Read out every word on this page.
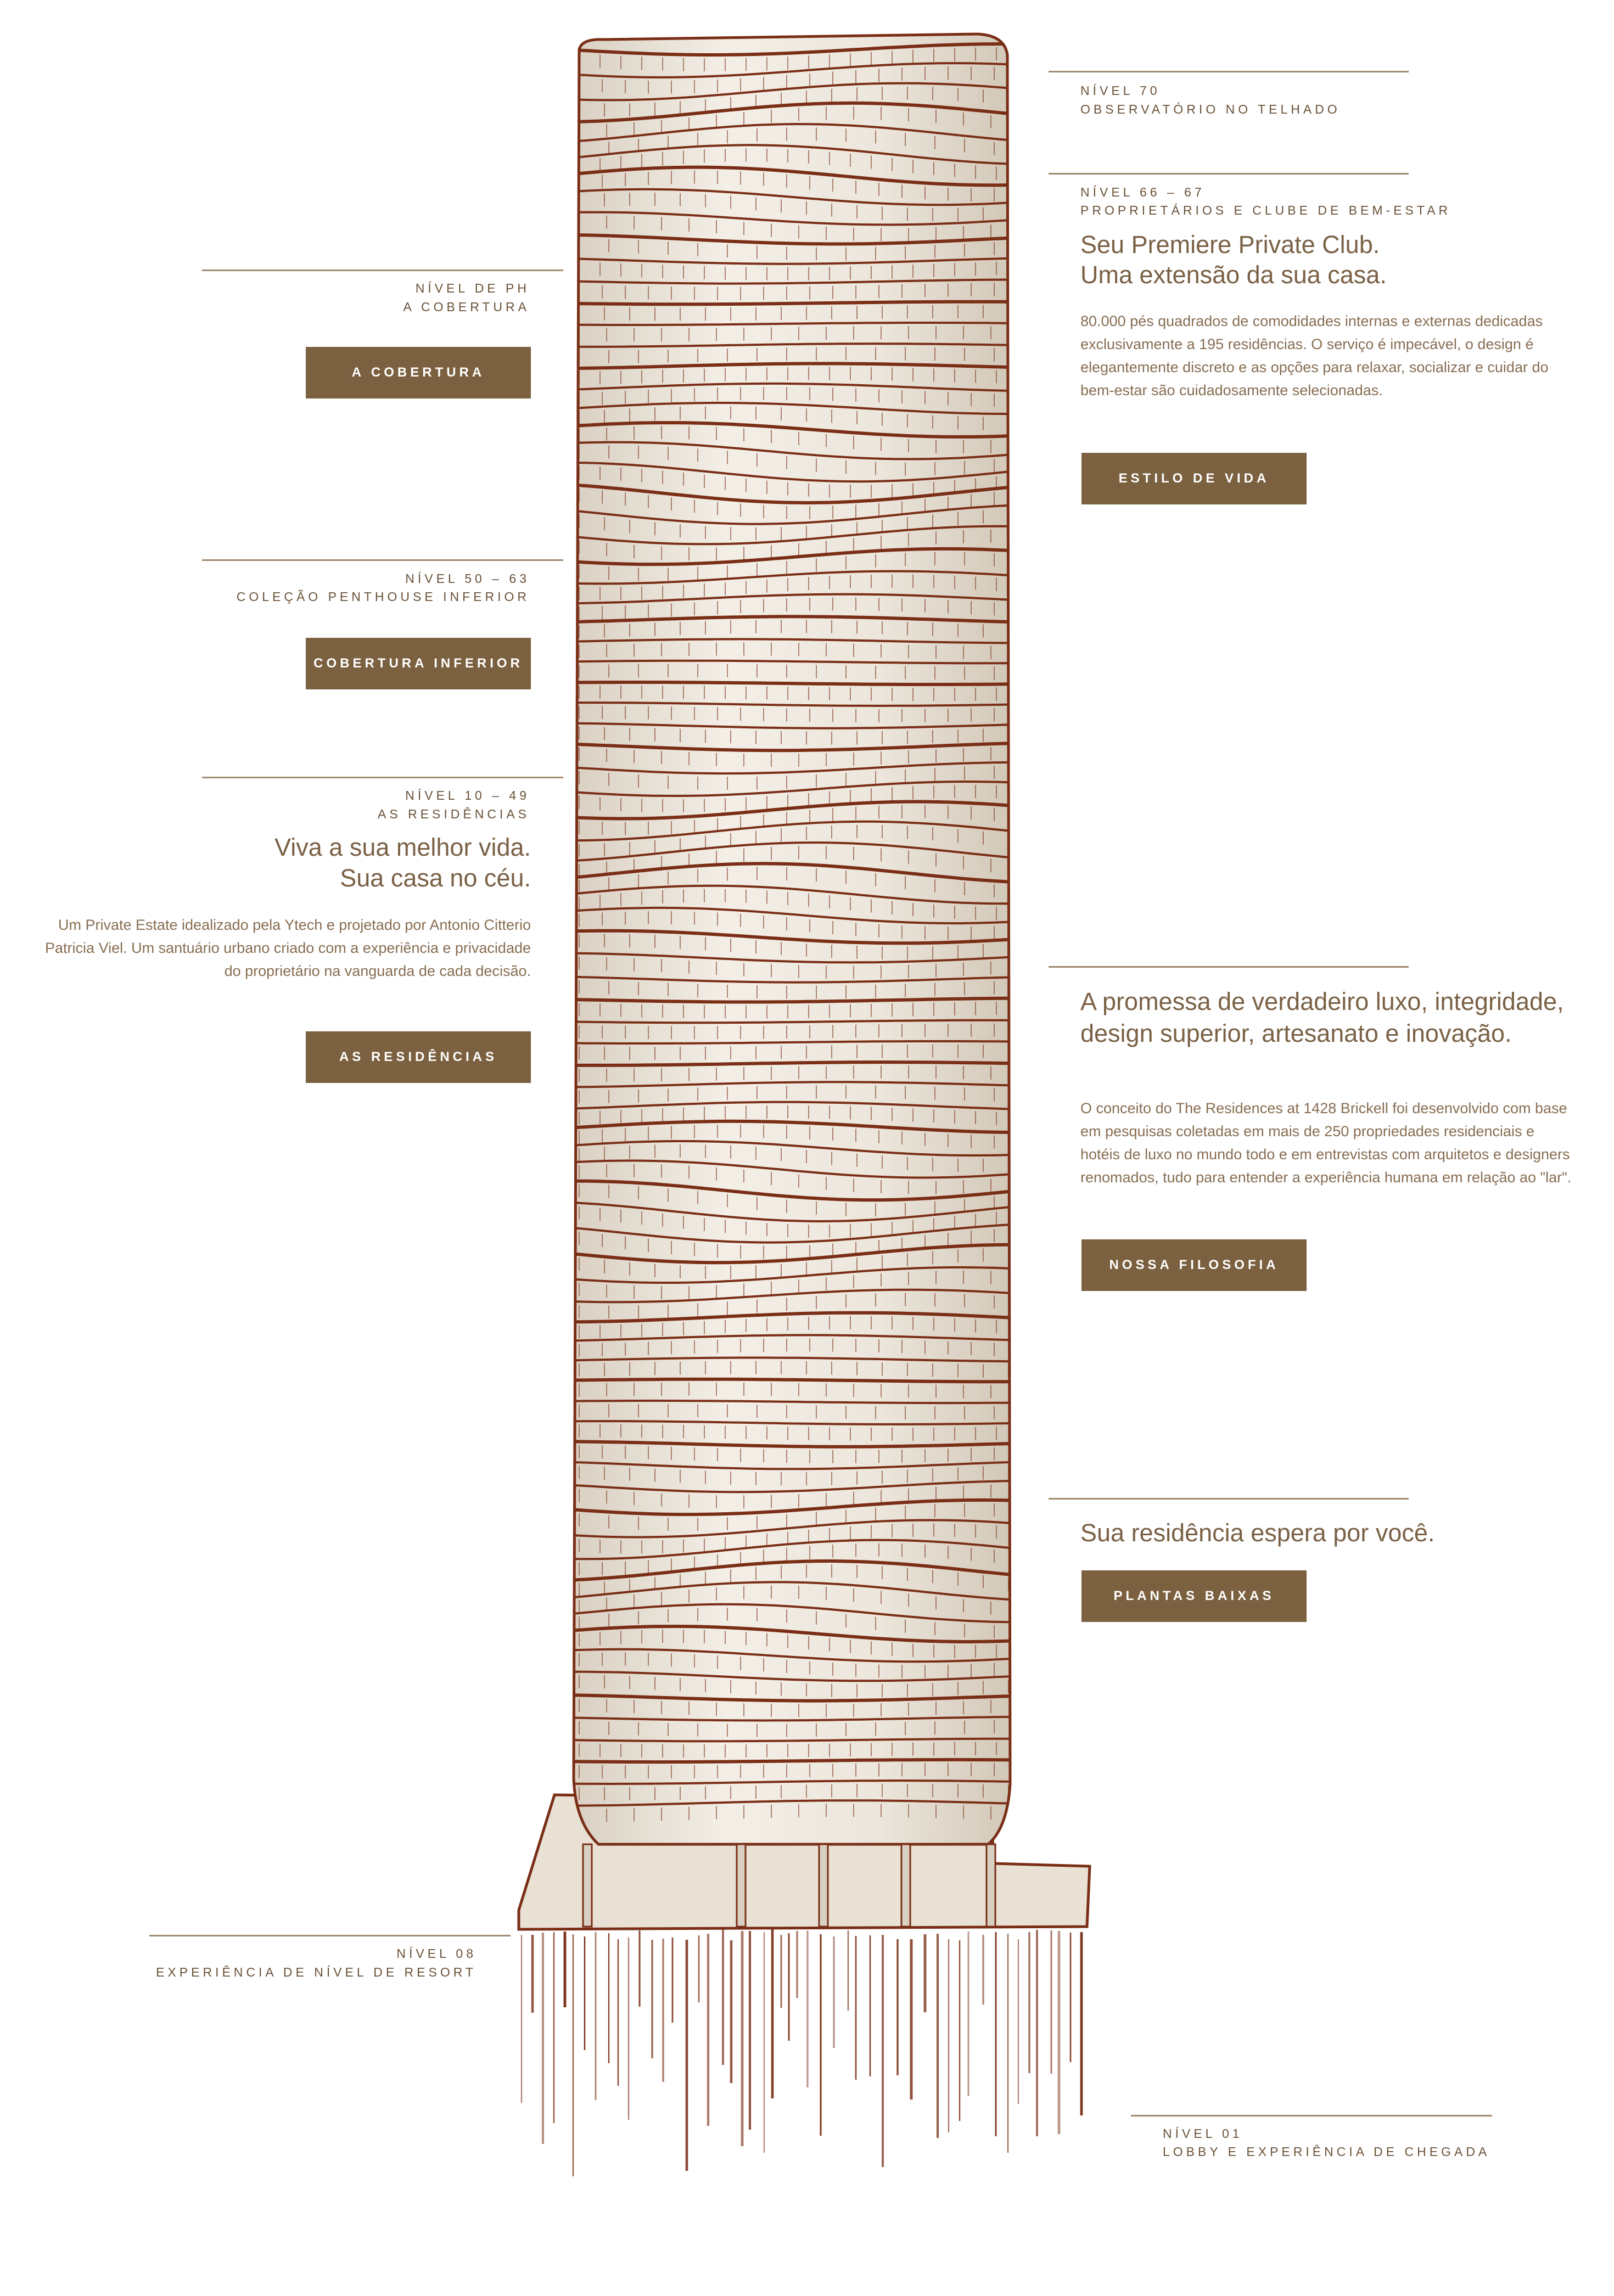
NÍVEL DE PH
A COBERTURA
A COBERTURA
NÍVEL 50 – 63
COLEÇÃO PENTHOUSE INFERIOR
COBERTURA INFERIOR
NÍVEL 10 – 49
AS RESIDÊNCIAS
Viva a sua melhor vida.
Sua casa no céu.
Um Private Estate idealizado pela Ytech e projetado por Antonio Citterio Patricia Viel. Um santuário urbano criado com a experiência e privacidade do proprietário na vanguarda de cada decisão.
AS RESIDÊNCIAS
NÍVEL 08
EXPERIÊNCIA DE NÍVEL DE RESORT
NÍVEL 70
OBSERVATÓRIO NO TELHADO
NÍVEL 66 – 67
PROPRIETÁRIOS E CLUBE DE BEM-ESTAR
Seu Premiere Private Club.
Uma extensão da sua casa.
80.000 pés quadrados de comodidades internas e externas dedicadas exclusivamente a 195 residências. O serviço é impecável, o design é elegantemente discreto e as opções para relaxar, socializar e cuidar do bem-estar são cuidadosamente selecionadas.
ESTILO DE VIDA
A promessa de verdadeiro luxo, integridade, design superior, artesanato e inovação.
O conceito do The Residences at 1428 Brickell foi desenvolvido com base em pesquisas coletadas em mais de 250 propriedades residenciais e hotéis de luxo no mundo todo e em entrevistas com arquitetos e designers renomados, tudo para entender a experiência humana em relação ao "lar".
NOSSA FILOSOFIA
Sua residência espera por você.
PLANTAS BAIXAS
NÍVEL 01
LOBBY E EXPERIÊNCIA DE CHEGADA
